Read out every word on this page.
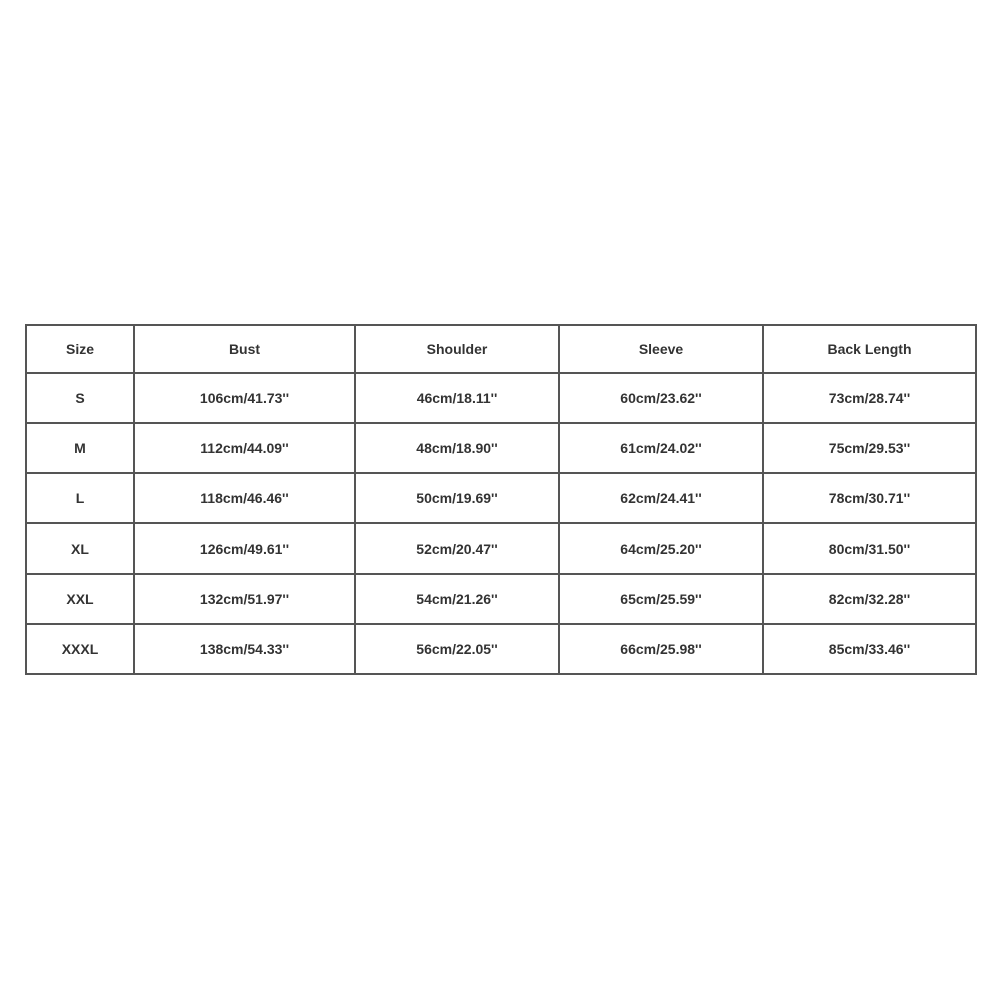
Size	Bust	Shoulder	Sleeve	Back Length
S	106cm/41.73''	46cm/18.11''	60cm/23.62''	73cm/28.74''
M	112cm/44.09''	48cm/18.90''	61cm/24.02''	75cm/29.53''
L	118cm/46.46''	50cm/19.69''	62cm/24.41''	78cm/30.71''
XL	126cm/49.61''	52cm/20.47''	64cm/25.20''	80cm/31.50''
XXL	132cm/51.97''	54cm/21.26''	65cm/25.59''	82cm/32.28''
XXXL	138cm/54.33''	56cm/22.05''	66cm/25.98''	85cm/33.46''
